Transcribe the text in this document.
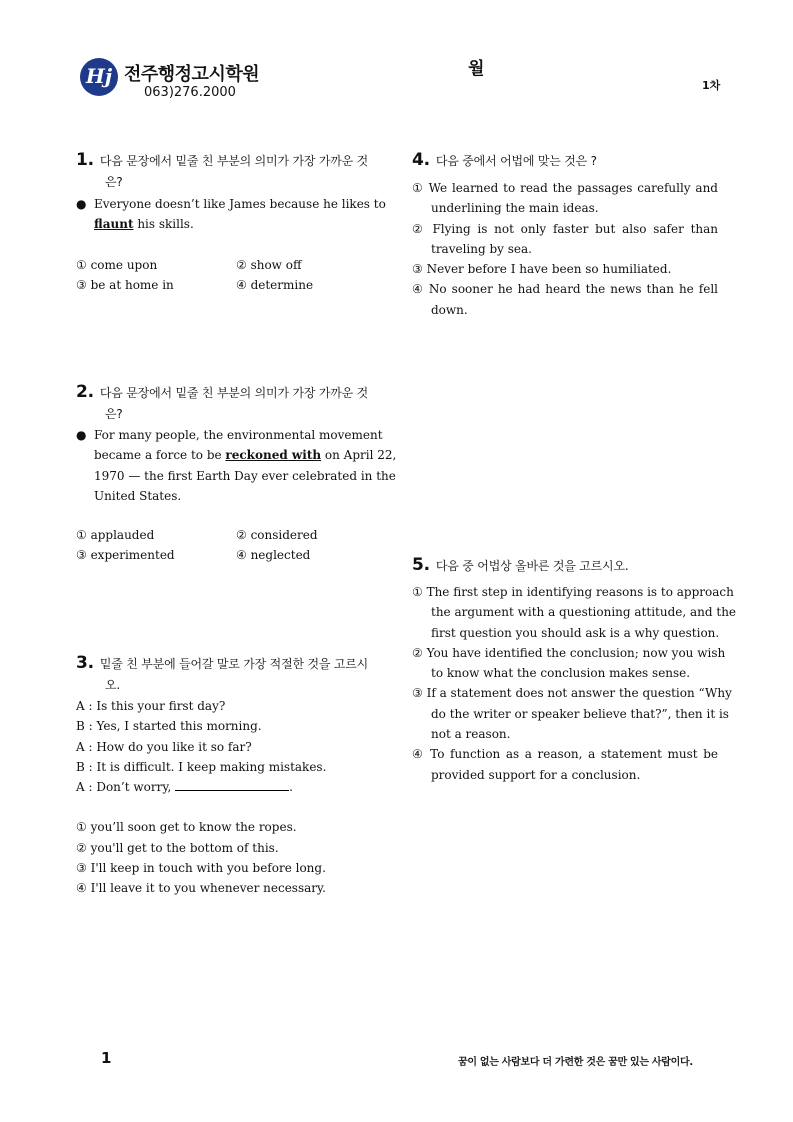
Hj 전주행정고시학원
063)276.2000
월
1차
1. 다음 문장에서 밑줄 친 부분의 의미가 가장 가까운 것
은?
● Everyone doesn’t like James because he likes to
flaunt his skills.
① come upon	② show off
③ be at home in	④ determine
2. 다음 문장에서 밑줄 친 부분의 의미가 가장 가까운 것
은?
● For many people, the environmental movement
became a force to be reckoned with on April 22,
1970 — the first Earth Day ever celebrated in the
United States.
① applauded	② considered
③ experimented	④ neglected
3. 밑줄 친 부분에 들어갈 말로 가장 적절한 것을 고르시
오.
A : Is this your first day?
B : Yes, I started this morning.
A : How do you like it so far?
B : It is difficult. I keep making mistakes.
A : Don’t worry,	.
① you’ll soon get to know the ropes.
② you'll get to the bottom of this.
③ I'll keep in touch with you before long.
④ I'll leave it to you whenever necessary.
4. 다음 중에서 어법에 맞는 것은 ?
① We learned to read the passages carefully and
underlining the main ideas.
② Flying is not only faster but also safer than
traveling by sea.
③ Never before I have been so humiliated.
④ No sooner he had heard the news than he fell
down.
5. 다음 중 어법상 올바른 것을 고르시오.
① The first step in identifying reasons is to approach
the argument with a questioning attitude, and the
first question you should ask is a why question.
② You have identified the conclusion; now you wish
to know what the conclusion makes sense.
③ If a statement does not answer the question “Why
do the writer or speaker believe that?”, then it is
not a reason.
④ To function as a reason, a statement must be
provided support for a conclusion.
1	꿈이 없는 사람보다 더 가련한 것은 꿈만 있는 사람이다.
